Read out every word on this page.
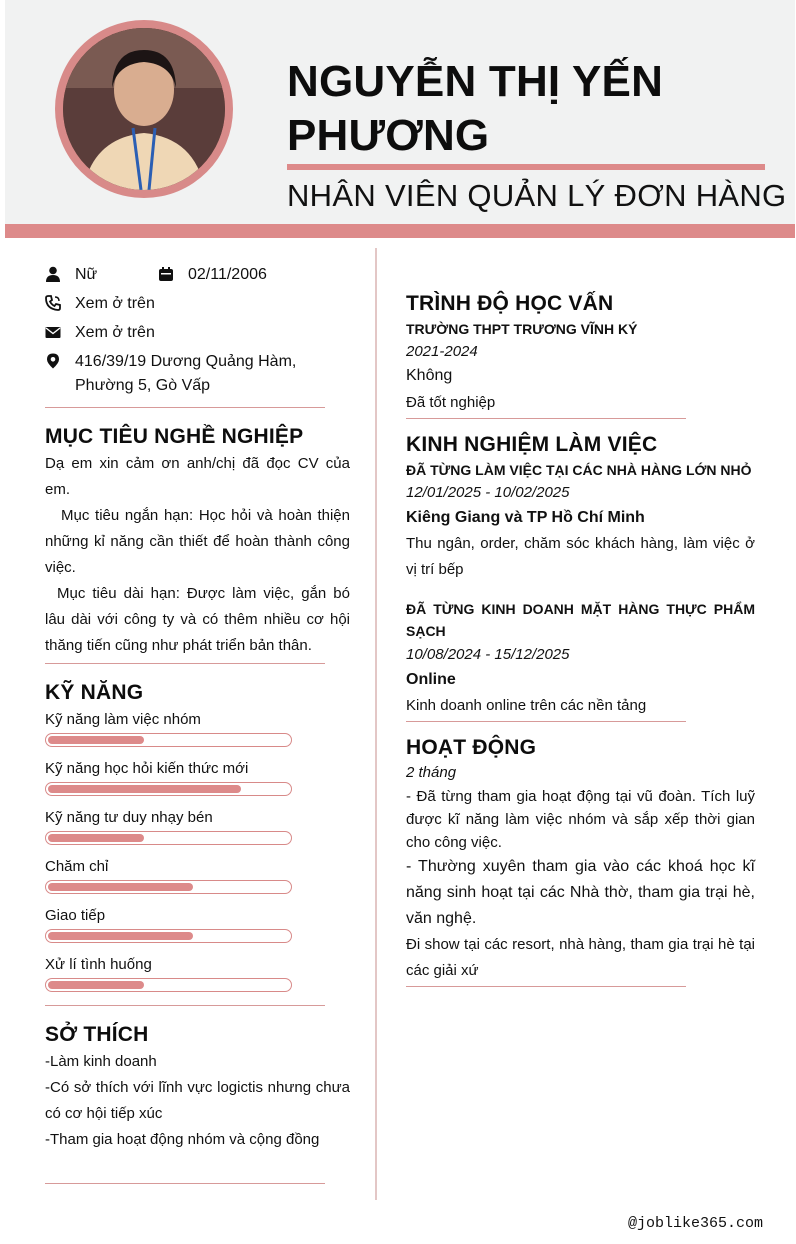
NGUYỄN THỊ YẾN PHƯƠNG
NHÂN VIÊN QUẢN LÝ ĐƠN HÀNG
Nữ	02/11/2006
Xem ở trên
Xem ở trên
416/39/19 Dương Quảng Hàm, Phường 5, Gò Vấp
MỤC TIÊU NGHỀ NGHIỆP
Dạ em xin cảm ơn anh/chị đã đọc CV của em.
Mục tiêu ngắn hạn: Học hỏi và hoàn thiện những kỉ năng cần thiết để hoàn thành công việc.
Mục tiêu dài hạn: Được làm việc, gắn bó lâu dài với công ty và có thêm nhiều cơ hội thăng tiến cũng như phát triển bản thân.
KỸ NĂNG
Kỹ năng làm việc nhóm
Kỹ năng học hỏi kiến thức mới
Kỹ năng tư duy nhạy bén
Chăm chỉ
Giao tiếp
Xử lí tình huống
SỞ THÍCH
-Làm kinh doanh
-Có sở thích với lĩnh vực logictis nhưng chưa có cơ hội tiếp xúc
-Tham gia hoạt động nhóm và cộng đồng
TRÌNH ĐỘ HỌC VẤN
TRƯỜNG THPT TRƯƠNG VĨNH KÝ
2021-2024
Không
Đã tốt nghiệp
KINH NGHIỆM LÀM VIỆC
ĐÃ TỪNG LÀM VIỆC TẠI CÁC NHÀ HÀNG LỚN NHỎ
12/01/2025 - 10/02/2025
Kiêng Giang và TP Hồ Chí Minh
Thu ngân, order, chăm sóc khách hàng, làm việc ở vị trí bếp
ĐÃ TỪNG KINH DOANH MẶT HÀNG THỰC PHẨM SẠCH
10/08/2024 - 15/12/2025
Online
Kinh doanh online trên các nền tảng
HOẠT ĐỘNG
2 tháng
- Đã từng tham gia hoạt động tại vũ đoàn. Tích luỹ được kĩ năng làm việc nhóm và sắp xếp thời gian cho công việc.
- Thường xuyên tham gia vào các khoá học kĩ năng sinh hoạt tại các Nhà thờ, tham gia trại hè, văn nghệ.
Đi show tại các resort, nhà hàng, tham gia trại hè tại các giải xứ
@joblike365.com
